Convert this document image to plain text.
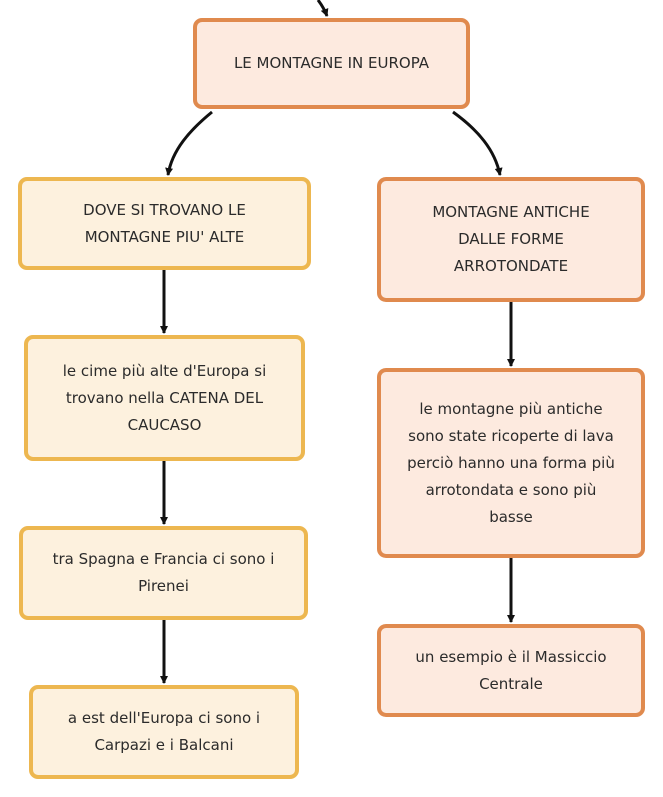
LE MONTAGNE IN EUROPA
DOVE SI TROVANO LE
MONTAGNE PIU' ALTE
le cime più alte d'Europa si
trovano nella CATENA DEL
CAUCASO
tra Spagna e Francia ci sono i
Pirenei
a est dell'Europa ci sono i
Carpazi e i Balcani
MONTAGNE ANTICHE
DALLE FORME
ARROTONDATE
le montagne più antiche
sono state ricoperte di lava
perciò hanno una forma più
arrotondata e sono più
basse
un esempio è il Massiccio
Centrale
